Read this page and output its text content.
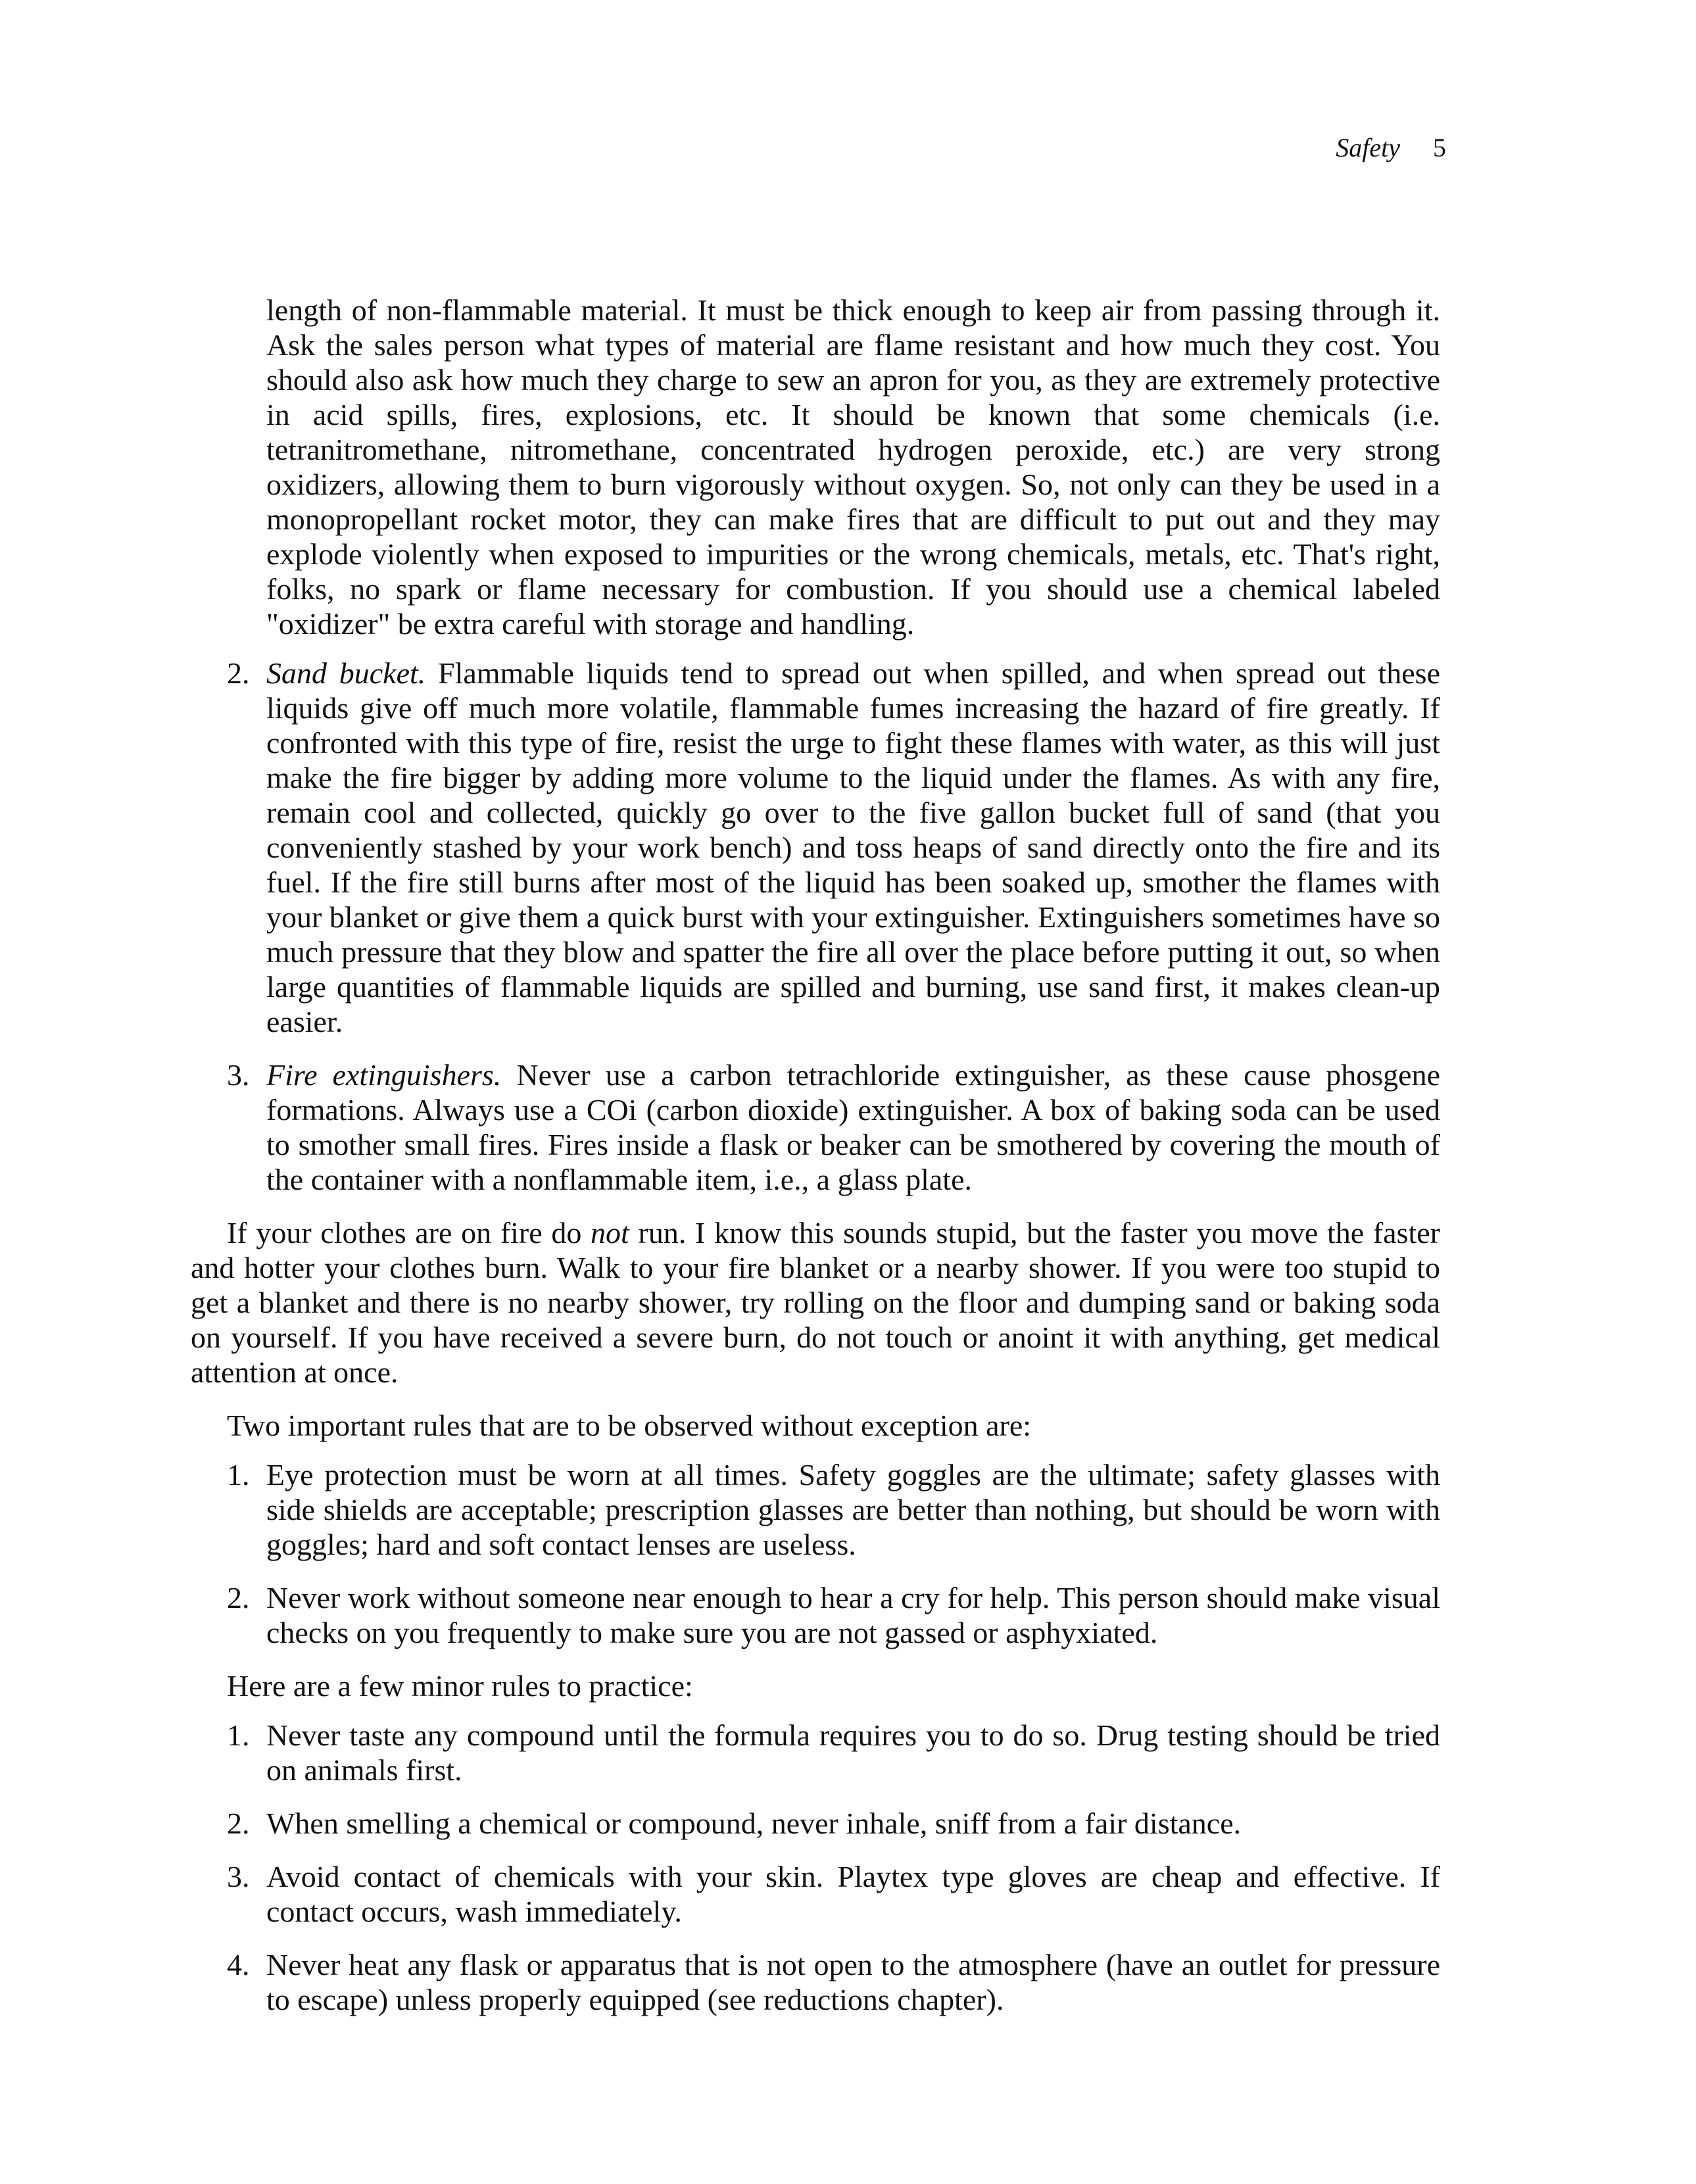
Safety 5

length of non-flammable material. It must be thick enough to keep air from passing through it. Ask the sales person what types of material are flame resistant and how much they cost. You should also ask how much they charge to sew an apron for you, as they are extremely protective in acid spills, fires, explosions, etc. It should be known that some chemicals (i.e. tetranitromethane, nitromethane, concentrated hydrogen peroxide, etc.) are very strong oxidizers, allowing them to burn vigorously without oxygen. So, not only can they be used in a monopropellant rocket motor, they can make fires that are difficult to put out and they may explode violently when exposed to impurities or the wrong chemicals, metals, etc. That's right, folks, no spark or flame necessary for combustion. If you should use a chemical labeled "oxidizer" be extra careful with storage and handling.

2. Sand bucket. Flammable liquids tend to spread out when spilled, and when spread out these liquids give off much more volatile, flammable fumes increasing the hazard of fire greatly. If confronted with this type of fire, resist the urge to fight these flames with water, as this will just make the fire bigger by adding more volume to the liquid under the flames. As with any fire, remain cool and collected, quickly go over to the five gallon bucket full of sand (that you conveniently stashed by your work bench) and toss heaps of sand directly onto the fire and its fuel. If the fire still burns after most of the liquid has been soaked up, smother the flames with your blanket or give them a quick burst with your extinguisher. Extinguishers sometimes have so much pressure that they blow and spatter the fire all over the place before putting it out, so when large quantities of flammable liquids are spilled and burning, use sand first, it makes clean-up easier.
3. Fire extinguishers. Never use a carbon tetrachloride extinguisher, as these cause phosgene formations. Always use a COi (carbon dioxide) extinguisher. A box of baking soda can be used to smother small fires. Fires inside a flask or beaker can be smothered by covering the mouth of the container with a nonflammable item, i.e., a glass plate.

If your clothes are on fire do not run. I know this sounds stupid, but the faster you move the faster and hotter your clothes burn. Walk to your fire blanket or a nearby shower. If you were too stupid to get a blanket and there is no nearby shower, try rolling on the floor and dumping sand or baking soda on yourself. If you have received a severe burn, do not touch or anoint it with anything, get medical attention at once.

Two important rules that are to be observed without exception are:

1. Eye protection must be worn at all times. Safety goggles are the ultimate; safety glasses with side shields are acceptable; prescription glasses are better than nothing, but should be worn with goggles; hard and soft contact lenses are useless.
2. Never work without someone near enough to hear a cry for help. This person should make visual checks on you frequently to make sure you are not gassed or asphyxiated.

Here are a few minor rules to practice:

1. Never taste any compound until the formula requires you to do so. Drug testing should be tried on animals first.
2. When smelling a chemical or compound, never inhale, sniff from a fair distance.
3. Avoid contact of chemicals with your skin. Playtex type gloves are cheap and effective. If contact occurs, wash immediately.
4. Never heat any flask or apparatus that is not open to the atmosphere (have an outlet for pressure to escape) unless properly equipped (see reductions chapter).
